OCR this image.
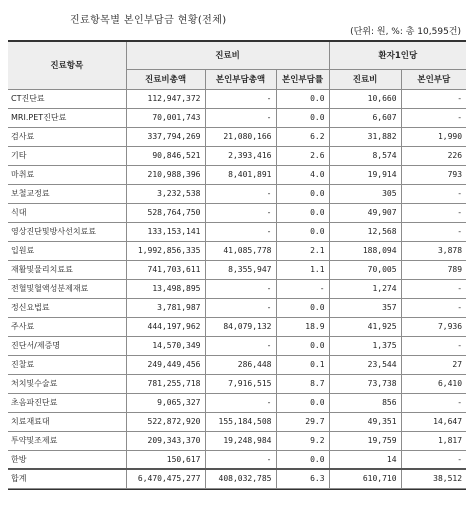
진료항목별 본인부담금 현황(전체)
(단위: 원, %: 총 10,595건)
진료항목	진료비			환자1인당	
	진료비총액	본인부담총액	본인부담률	진료비	본인부담
CT진단료	112,947,372	-	0.0	10,660	-
MRI.PET진단료	70,001,743	-	0.0	6,607	-
검사료	337,794,269	21,080,166	6.2	31,882	1,990
기타	90,846,521	2,393,416	2.6	8,574	226
마취료	210,988,396	8,401,891	4.0	19,914	793
보철교정료	3,232,538	-	0.0	305	-
식대	528,764,750	-	0.0	49,907	-
영상진단및방사선치료료	133,153,141	-	0.0	12,568	-
입원료	1,992,856,335	41,085,778	2.1	188,094	3,878
재활및물리치료료	741,703,611	8,355,947	1.1	70,005	789
전혈및혈액성분제재료	13,498,895	-	-	1,274	-
정신요법료	3,781,987	-	0.0	357	-
주사료	444,197,962	84,079,132	18.9	41,925	7,936
진단서/제증명	14,570,349	-	0.0	1,375	-
진찰료	249,449,456	286,448	0.1	23,544	27
처치및수술료	781,255,718	7,916,515	8.7	73,738	6,410
초음파진단료	9,065,327	-	0.0	856	-
치료재료대	522,872,920	155,184,508	29.7	49,351	14,647
투약및조제료	209,343,370	19,248,984	9.2	19,759	1,817
한방	150,617	-	0.0	14	-
합계	6,470,475,277	408,032,785	6.3	610,710	38,512
